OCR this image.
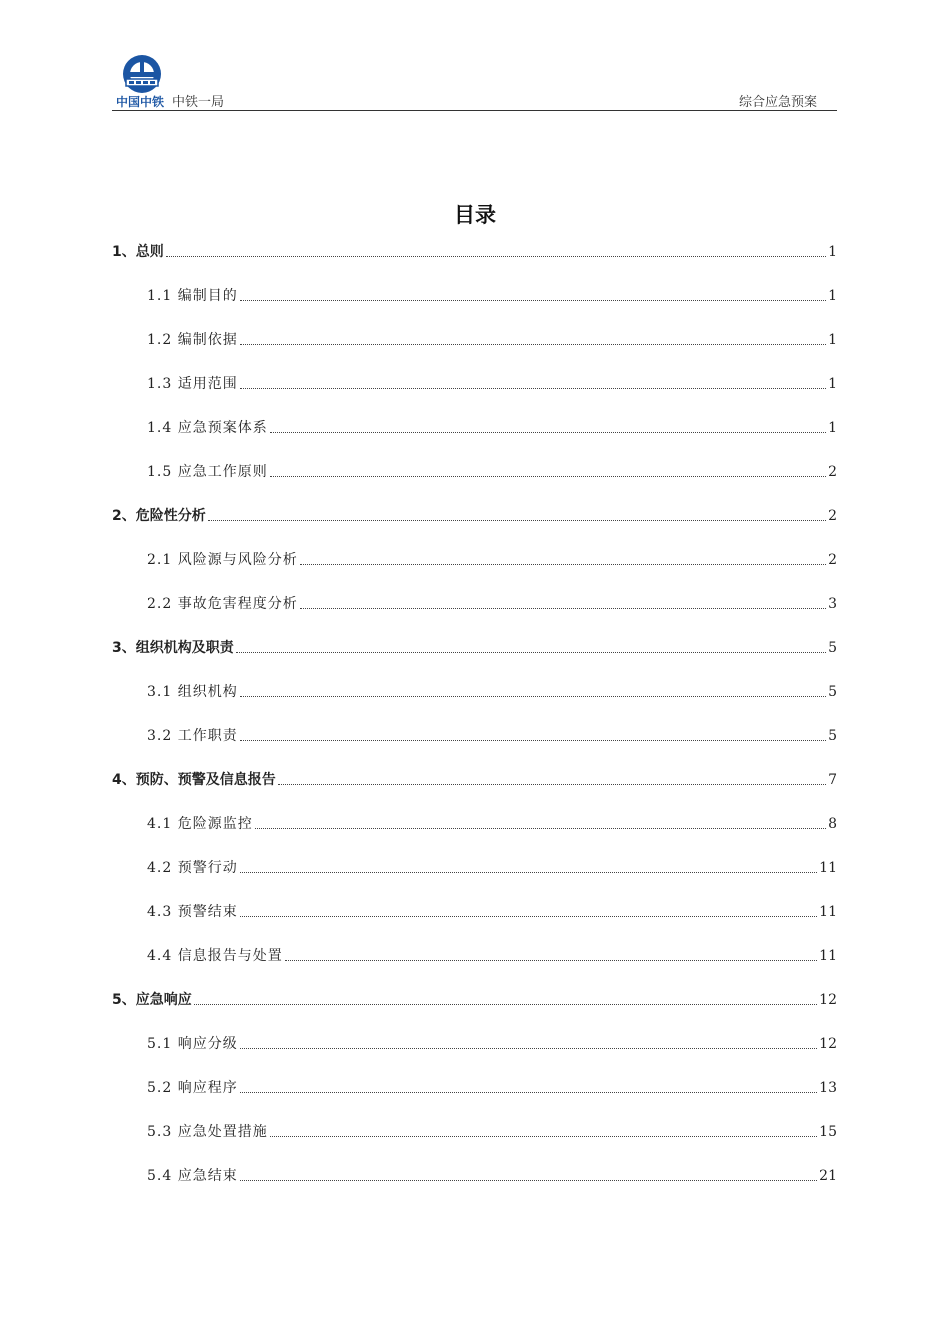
中国中铁 中铁一局	综合应急预案
目录
1、总则	1
1.1 编制目的	1
1.2 编制依据	1
1.3 适用范围	1
1.4 应急预案体系	1
1.5 应急工作原则	2
2、危险性分析	2
2.1 风险源与风险分析	2
2.2 事故危害程度分析	3
3、组织机构及职责	5
3.1 组织机构	5
3.2 工作职责	5
4、预防、预警及信息报告	7
4.1 危险源监控	8
4.2 预警行动	11
4.3 预警结束	11
4.4 信息报告与处置	11
5、应急响应	12
5.1 响应分级	12
5.2 响应程序	13
5.3 应急处置措施	15
5.4 应急结束	21
